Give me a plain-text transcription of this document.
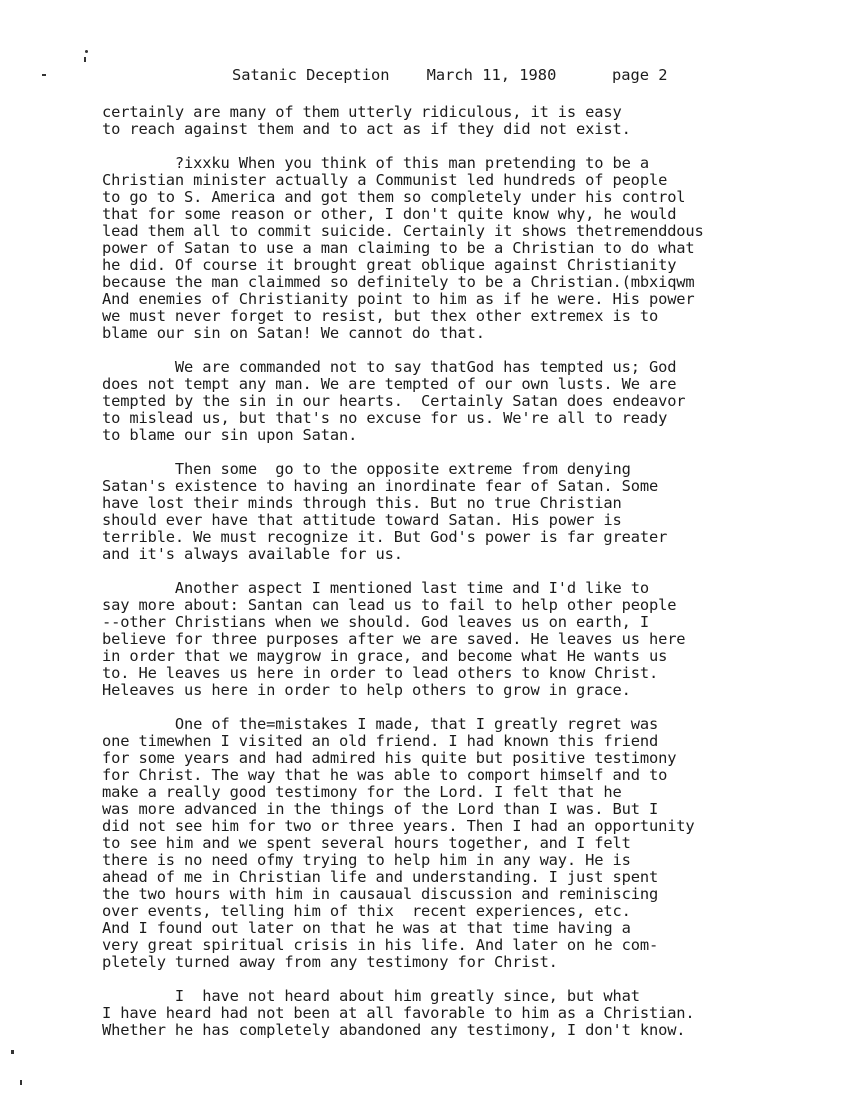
Satanic Deception March 11, 1980	page 2
certainly are many of them utterly ridiculous, it is easy
to reach against them and to act as if they did not exist.
?ixxku When you think of this man pretending to be a
Christian minister actually a Communist led hundreds of people
to go to S. America and got them so completely under his control
that for some reason or other, I don't quite know why, he would
lead them all to commit suicide. Certainly it shows thetremenddous
power of Satan to use a man claiming to be a Christian to do what
he did. Of course it brought great oblique against Christianity
because the man claimmed so definitely to be a Christian.(mbxiqwm
And enemies of Christianity point to him as if he were. His power
we must never forget to resist, but thex other extremex is to
blame our sin on Satan! We cannot do that.
We are commanded not to say thatGod has tempted us; God
does not tempt any man. We are tempted of our own lusts. We are
tempted by the sin in our hearts.  Certainly Satan does endeavor
to mislead us, but that's no excuse for us. We're all to ready
to blame our sin upon Satan.
Then some  go to the opposite extreme from denying
Satan's existence to having an inordinate fear of Satan. Some
have lost their minds through this. But no true Christian
should ever have that attitude toward Satan. His power is
terrible. We must recognize it. But God's power is far greater
and it's always available for us.
Another aspect I mentioned last time and I'd like to
say more about: Santan can lead us to fail to help other people
--other Christians when we should. God leaves us on earth, I
believe for three purposes after we are saved. He leaves us here
in order that we maygrow in grace, and become what He wants us
to. He leaves us here in order to lead others to know Christ.
Heleaves us here in order to help others to grow in grace.
One of the=mistakes I made, that I greatly regret was
one timewhen I visited an old friend. I had known this friend
for some years and had admired his quite but positive testimony
for Christ. The way that he was able to comport himself and to
make a really good testimony for the Lord. I felt that he
was more advanced in the things of the Lord than I was. But I
did not see him for two or three years. Then I had an opportunity
to see him and we spent several hours together, and I felt
there is no need ofmy trying to help him in any way. He is
ahead of me in Christian life and understanding. I just spent
the two hours with him in causaual discussion and reminiscing
over events, telling him of thix  recent experiences, etc.
And I found out later on that he was at that time having a
very great spiritual crisis in his life. And later on he com-
pletely turned away from any testimony for Christ.
I  have not heard about him greatly since, but what
I have heard had not been at all favorable to him as a Christian.
Whether he has completely abandoned any testimony, I don't know.
